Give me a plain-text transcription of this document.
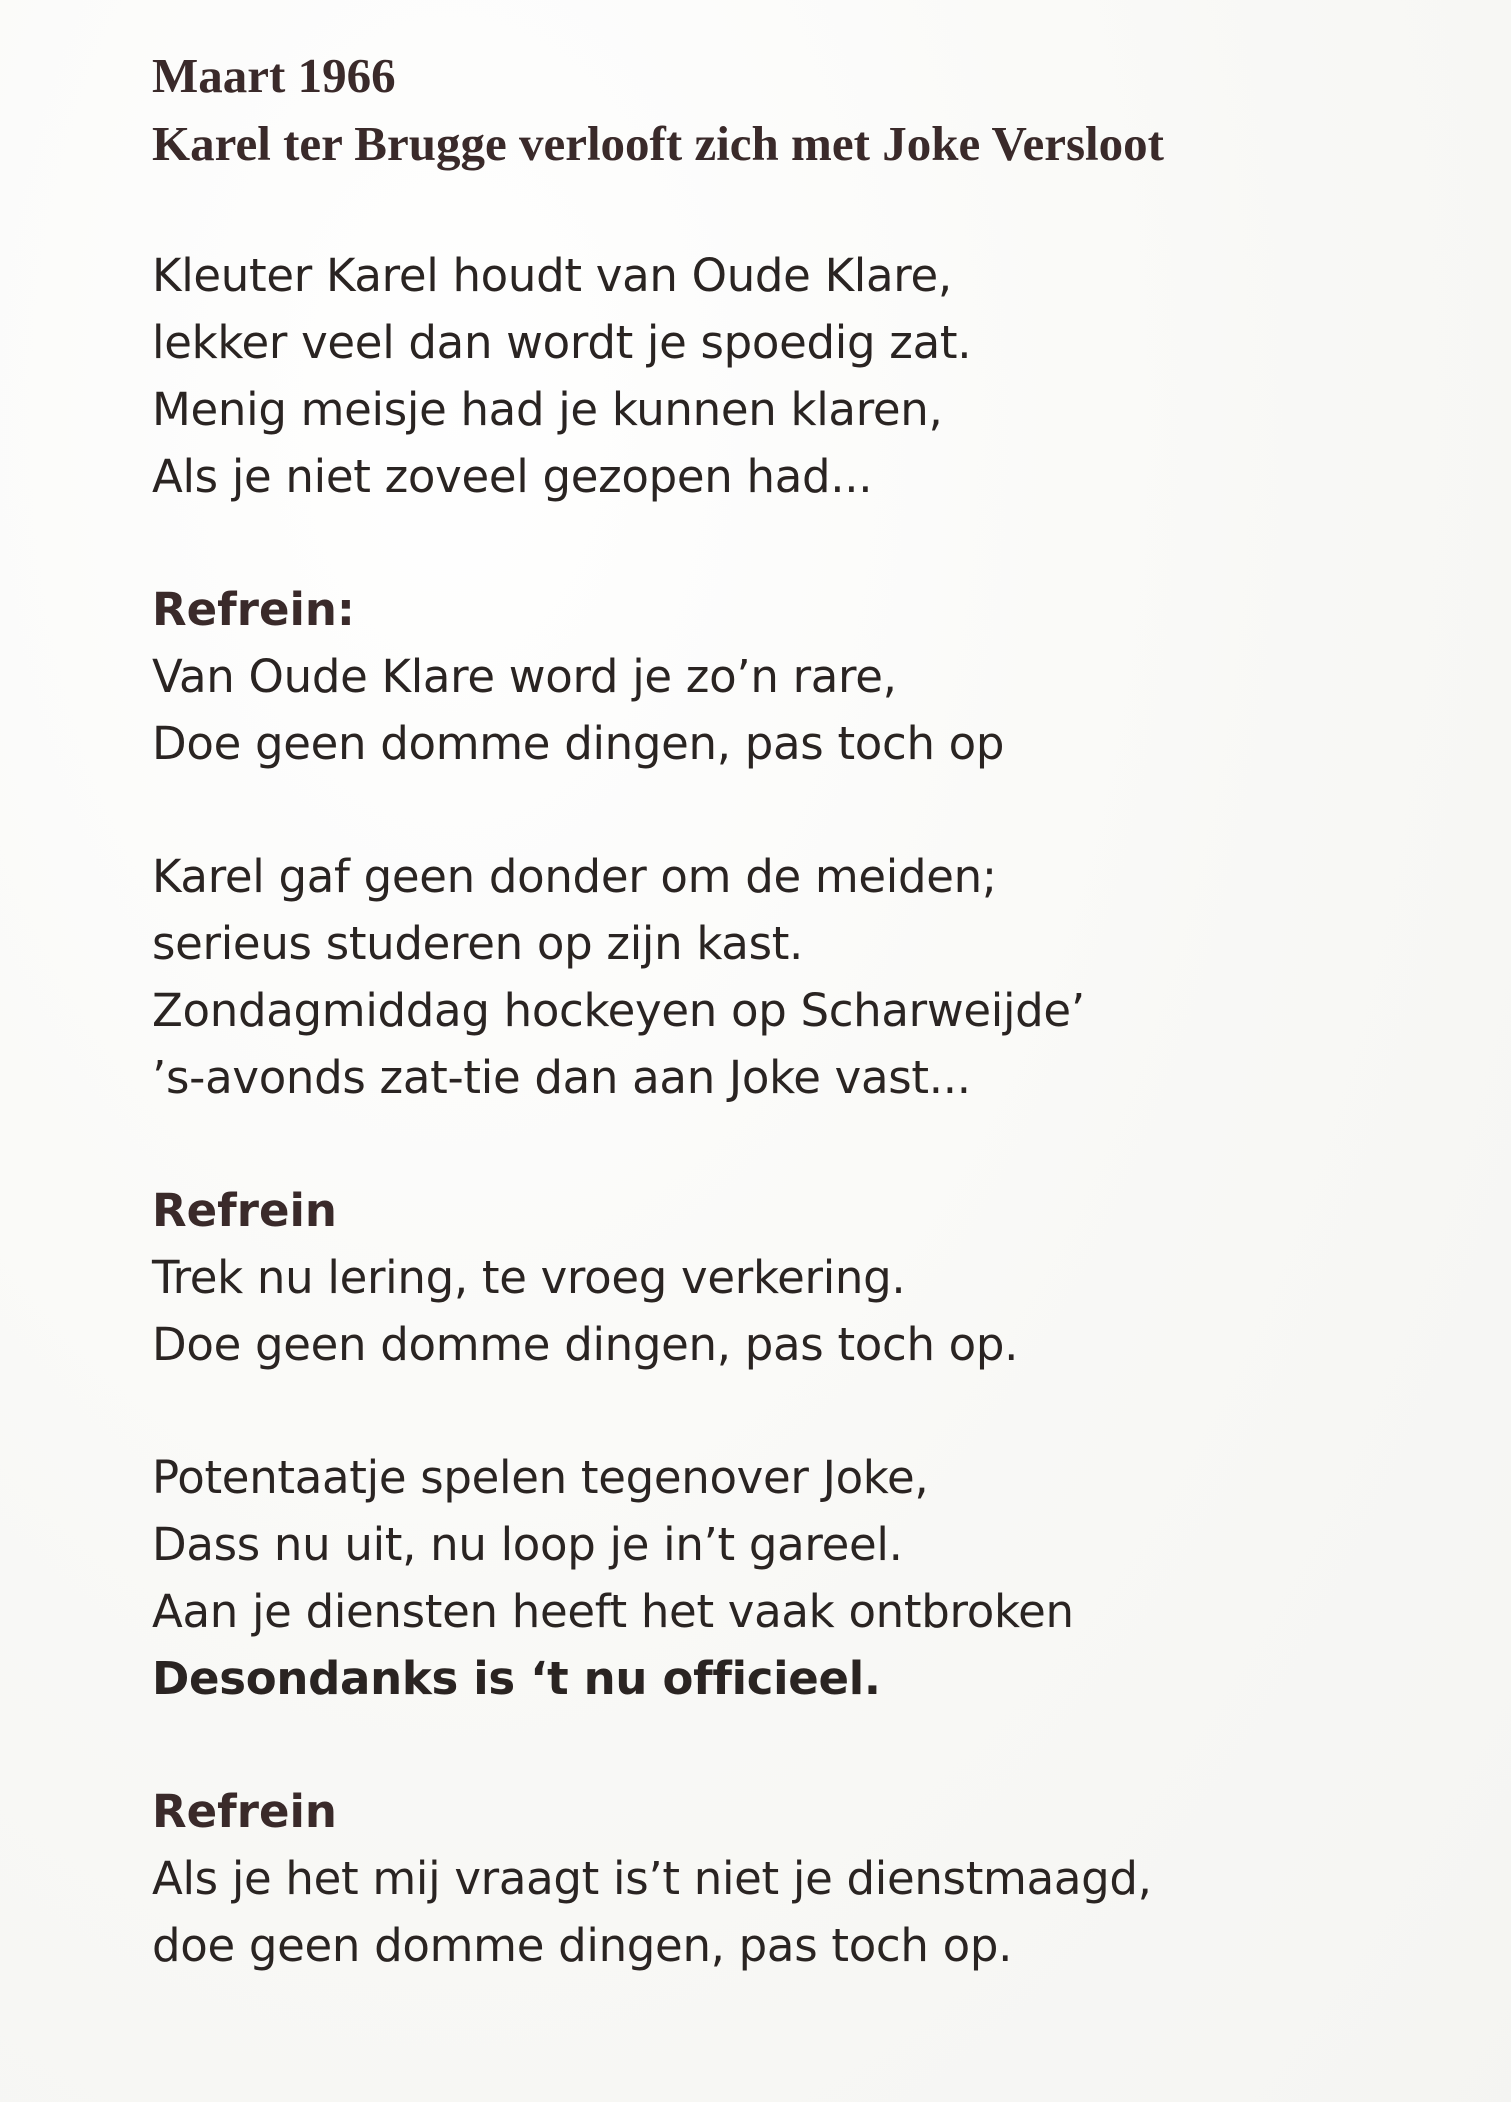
Maart 1966

Karel ter Brugge verlooft zich met Joke Versloot

Kleuter Karel houdt van Oude Klare,

lekker veel dan wordt je spoedig zat.

Menig meisje had je kunnen klaren,

Als je niet zoveel gezopen had...

Refrein:

Van Oude Klare word je zo’n rare,

Doe geen domme dingen, pas toch op

Karel gaf geen donder om de meiden;

serieus studeren op zijn kast.

Zondagmiddag hockeyen op Scharweijde’

’s-avonds zat-tie dan aan Joke vast...

Refrein

Trek nu lering, te vroeg verkering.

Doe geen domme dingen, pas toch op.

Potentaatje spelen tegenover Joke,

Dass nu uit, nu loop je in’t gareel.

Aan je diensten heeft het vaak ontbroken

Desondanks is ‘t nu officieel.

Refrein

Als je het mij vraagt is’t niet je dienstmaagd,

doe geen domme dingen, pas toch op.
